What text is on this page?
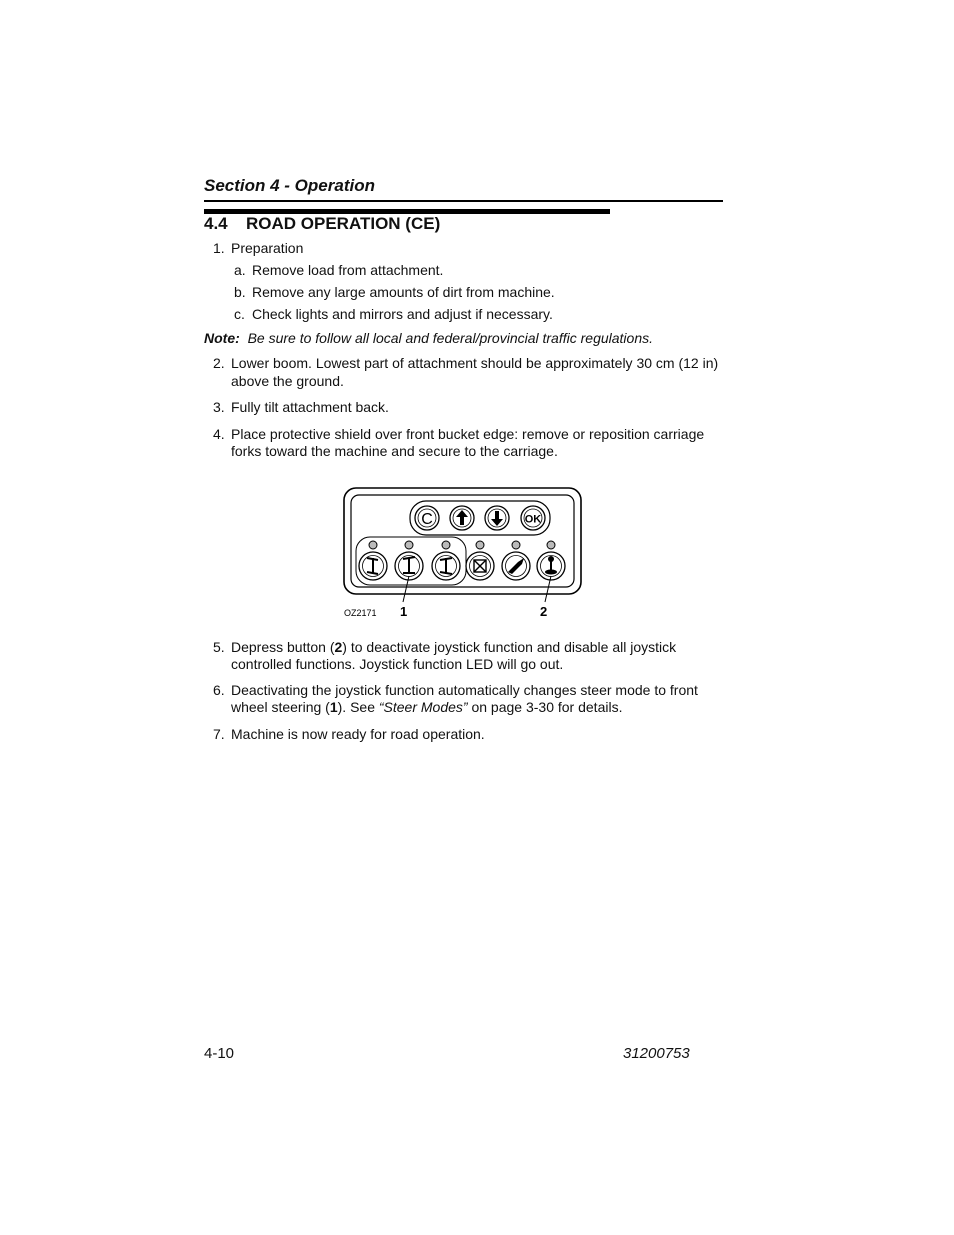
Section 4 - Operation
4.4 ROAD OPERATION (CE)
1. Preparation
a. Remove load from attachment.
b. Remove any large amounts of dirt from machine.
c. Check lights and mirrors and adjust if necessary.
Note: Be sure to follow all local and federal/provincial traffic regulations.
2. Lower boom. Lowest part of attachment should be approximately 30 cm (12 in)
above the ground.
3. Fully tilt attachment back.
4. Place protective shield over front bucket edge: remove or reposition carriage
forks toward the machine and secure to the carriage.
C	OK
OZ2171 1	2
5. Depress button (2) to deactivate joystick function and disable all joystick
controlled functions. Joystick function LED will go out.
6. Deactivating the joystick function automatically changes steer mode to front
wheel steering (1). See “Steer Modes” on page 3-30 for details.
7. Machine is now ready for road operation.
4-10	31200753
